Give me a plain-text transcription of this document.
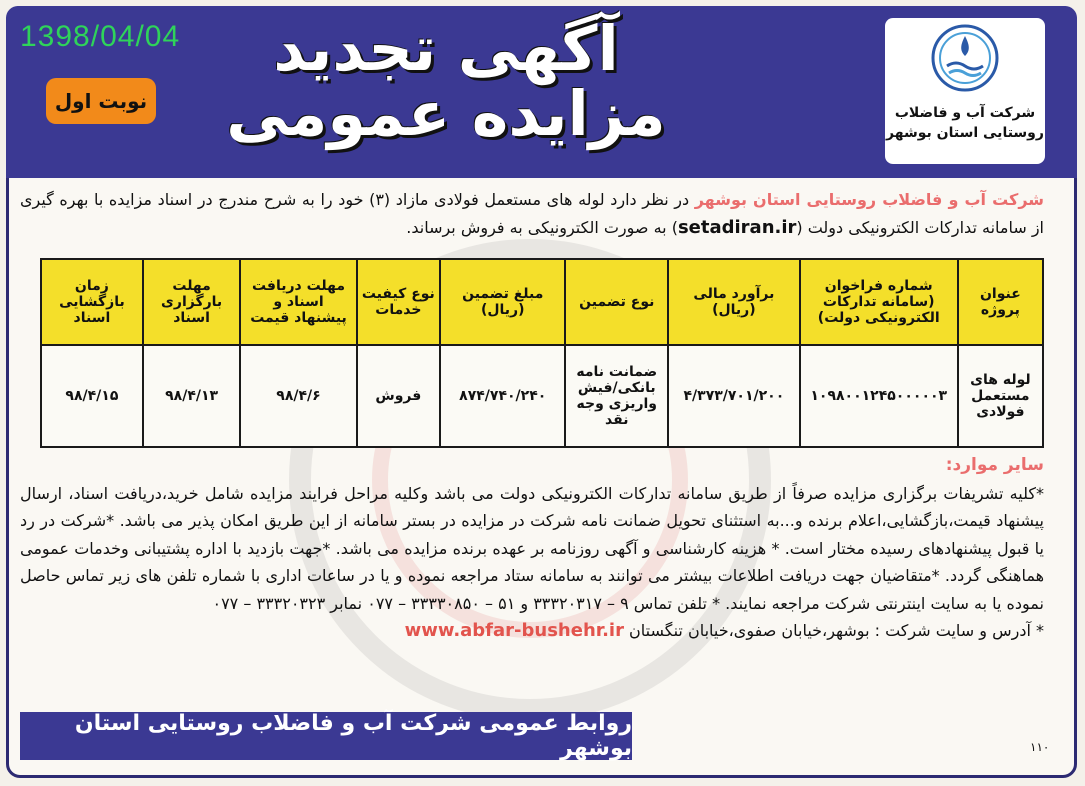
1398/04/04
نوبت اول
آگهی تجدید
مزایده عمومی	شرکت آب و فاضلاب
روستایی استان بوشهر
شرکت آب و فاضلاب روستایی استان بوشهر در نظر دارد لوله های مستعمل فولادی مازاد (۳) خود را به شرح مندرج در اسناد مزایده با بهره گیری از سامانه تدارکات الکترونیکی دولت (setadiran.ir) به صورت الکترونیکی به فروش برساند.
عنوان پروژه	شماره فراخوان (سامانه تدارکات الکترونیکی دولت)	برآورد مالی (ریال)	نوع تضمین	مبلغ تضمین (ریال)	نوع کیفیت خدمات	مهلت دریافت اسناد و پیشنهاد قیمت	مهلت بارگزاری اسناد	زمان بازگشایی اسناد
لوله های مستعمل فولادی	۱۰۹۸۰۰۱۲۴۵۰۰۰۰۰۳	۴/۳۷۳/۷۰۱/۲۰۰	ضمانت نامه بانکی/فیش واریزی وجه نقد	۸۷۴/۷۴۰/۲۴۰	فروش	۹۸/۴/۶	۹۸/۴/۱۳	۹۸/۴/۱۵
سایر موارد:
*کلیه تشریفات برگزاری مزایده صرفاً از طریق سامانه تدارکات الکترونیکی دولت می باشد وکلیه مراحل فرایند مزایده شامل خرید،دریافت اسناد، ارسال پیشنهاد قیمت،بازگشایی،اعلام برنده و...به استثنای تحویل ضمانت نامه شرکت در مزایده در بستر سامانه از این طریق امکان پذیر می باشد. *شرکت در رد یا قبول پیشنهادهای رسیده مختار است. * هزینه کارشناسی و آگهی روزنامه بر عهده برنده مزایده می باشد. *جهت بازدید با اداره پشتیبانی وخدمات عمومی هماهنگی گردد. *متقاضیان جهت دریافت اطلاعات بیشتر می توانند به سامانه ستاد مراجعه نموده و یا در ساعات اداری با شماره تلفن های زیر تماس حاصل نموده یا به سایت اینترنتی شرکت مراجعه نمایند. * تلفن تماس ۹ – ۳۳۳۲۰۳۱۷ و ۵۱ – ۳۳۳۳۰۸۵۰ – ۰۷۷ نمابر ۳۳۳۲۰۳۲۳ – ۰۷۷
* آدرس و سایت شرکت : بوشهر،خیابان صفوی،خیابان تنگستان www.abfar-bushehr.ir
روابط عمومی شرکت آب و فاضلاب روستایی استان بوشهر	۱۱۰
